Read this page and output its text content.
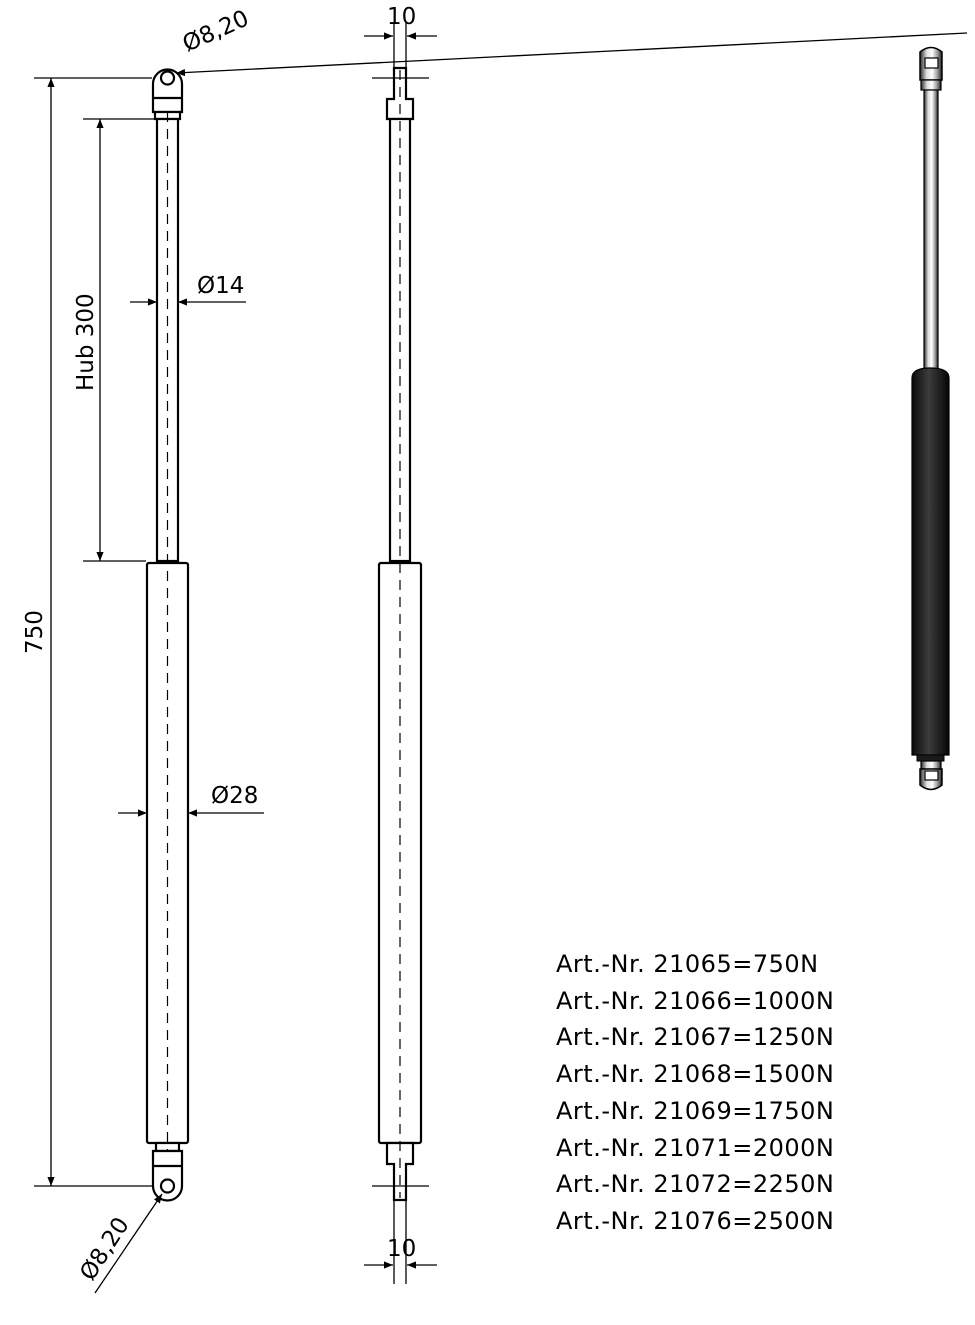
Ø8,20
Ø14
Ø28
Hub 300
750
Ø8,20
10
10
Art.-Nr. 21065=750N
Art.-Nr. 21066=1000N
Art.-Nr. 21067=1250N
Art.-Nr. 21068=1500N
Art.-Nr. 21069=1750N
Art.-Nr. 21071=2000N
Art.-Nr. 21072=2250N
Art.-Nr. 21076=2500N
